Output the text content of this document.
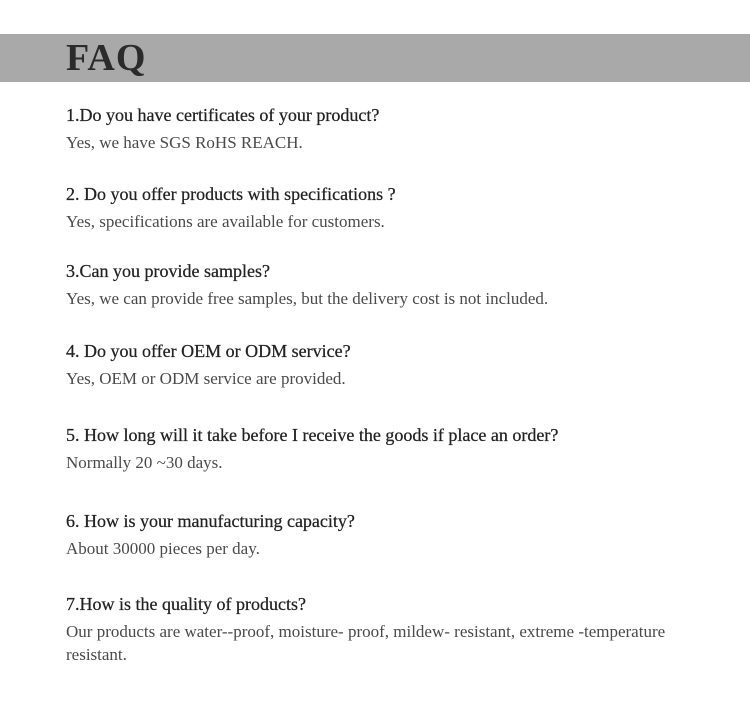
FAQ
1.Do you have certificates of your product?
Yes, we have SGS RoHS REACH.
2. Do you offer products with specifications ?
Yes, specifications are available for customers.
3.Can you provide samples?
Yes, we can provide free samples, but the delivery cost is not included.
4. Do you offer OEM or ODM service?
Yes, OEM or ODM service are provided.
5. How long will it take before I receive the goods if place an order?
Normally 20 ~30 days.
6. How is your manufacturing capacity?
About 30000 pieces per day.
7.How is the quality of products?
Our products are water--proof, moisture- proof, mildew- resistant, extreme -temperature resistant.
